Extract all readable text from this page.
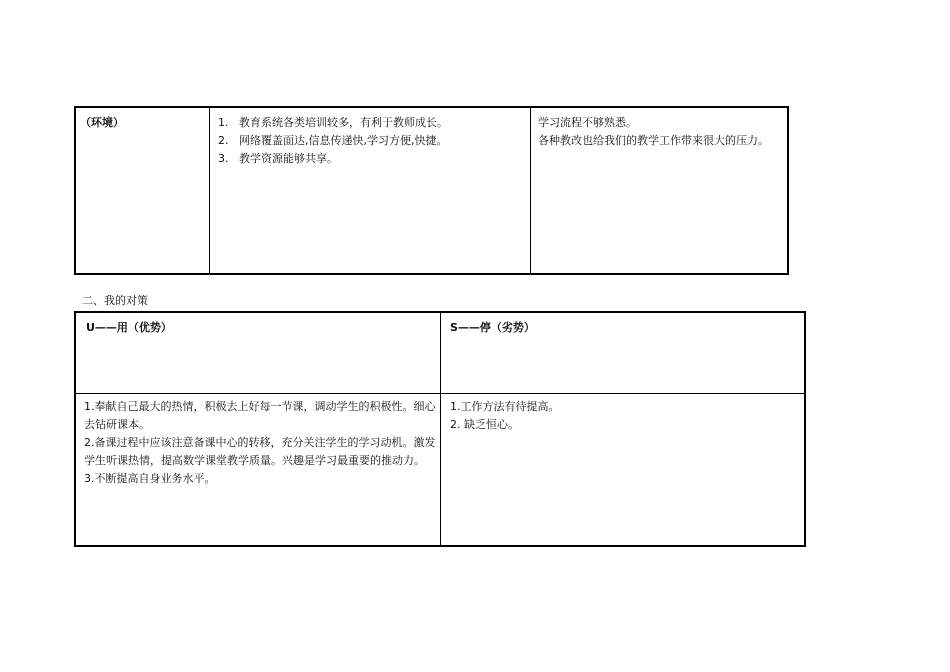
（环境）	1. 教育系统各类培训较多，有利于教师成长。
2. 网络覆盖面达,信息传递快,学习方便,快捷。
3. 教学资源能够共享。

学习流程不够熟悉。

各种教改也给我们的教学工作带来很大的压力。

二、我的对策
U——用（优势）	S——停（劣势）

1.奉献自己最大的热情，积极去上好每一节课，调动学生的积极性。细心去钻研课本。

2.备课过程中应该注意备课中心的转移，充分关注学生的学习动机。激发学生听课热情，提高数学课堂教学质量。兴趣是学习最重要的推动力。

3.不断提高自身业务水平。

1.工作方法有待提高。

2. 缺乏恒心。
